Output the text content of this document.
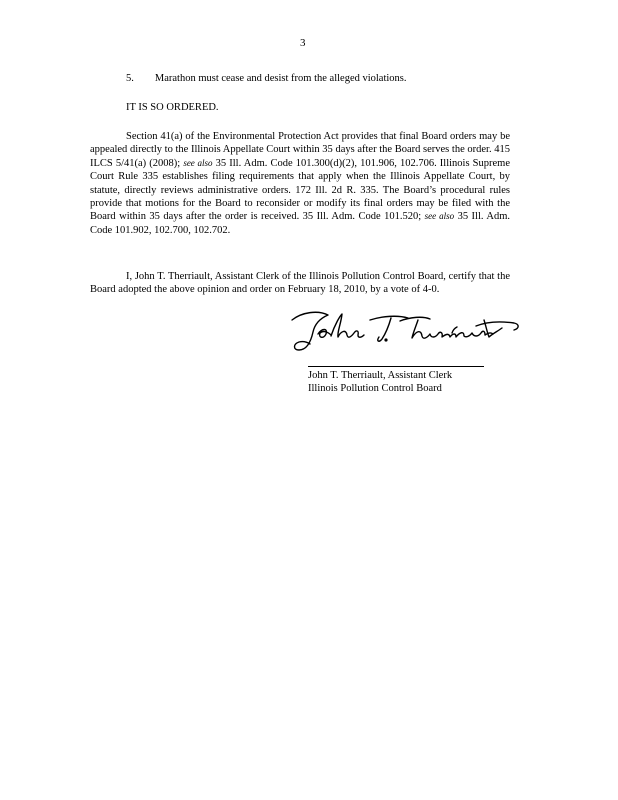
3

5. Marathon must cease and desist from the alleged violations.

IT IS SO ORDERED.

Section 41(a) of the Environmental Protection Act provides that final Board orders may be appealed directly to the Illinois Appellate Court within 35 days after the Board serves the order. 415 ILCS 5/41(a) (2008); see also 35 Ill. Adm. Code 101.300(d)(2), 101.906, 102.706. Illinois Supreme Court Rule 335 establishes filing requirements that apply when the Illinois Appellate Court, by statute, directly reviews administrative orders. 172 Ill. 2d R. 335. The Board’s procedural rules provide that motions for the Board to reconsider or modify its final orders may be filed with the Board within 35 days after the order is received. 35 Ill. Adm. Code 101.520; see also 35 Ill. Adm. Code 101.902, 102.700, 102.702.

I, John T. Therriault, Assistant Clerk of the Illinois Pollution Control Board, certify that the Board adopted the above opinion and order on February 18, 2010, by a vote of 4-0.

John T. Therriault, Assistant Clerk
Illinois Pollution Control Board
